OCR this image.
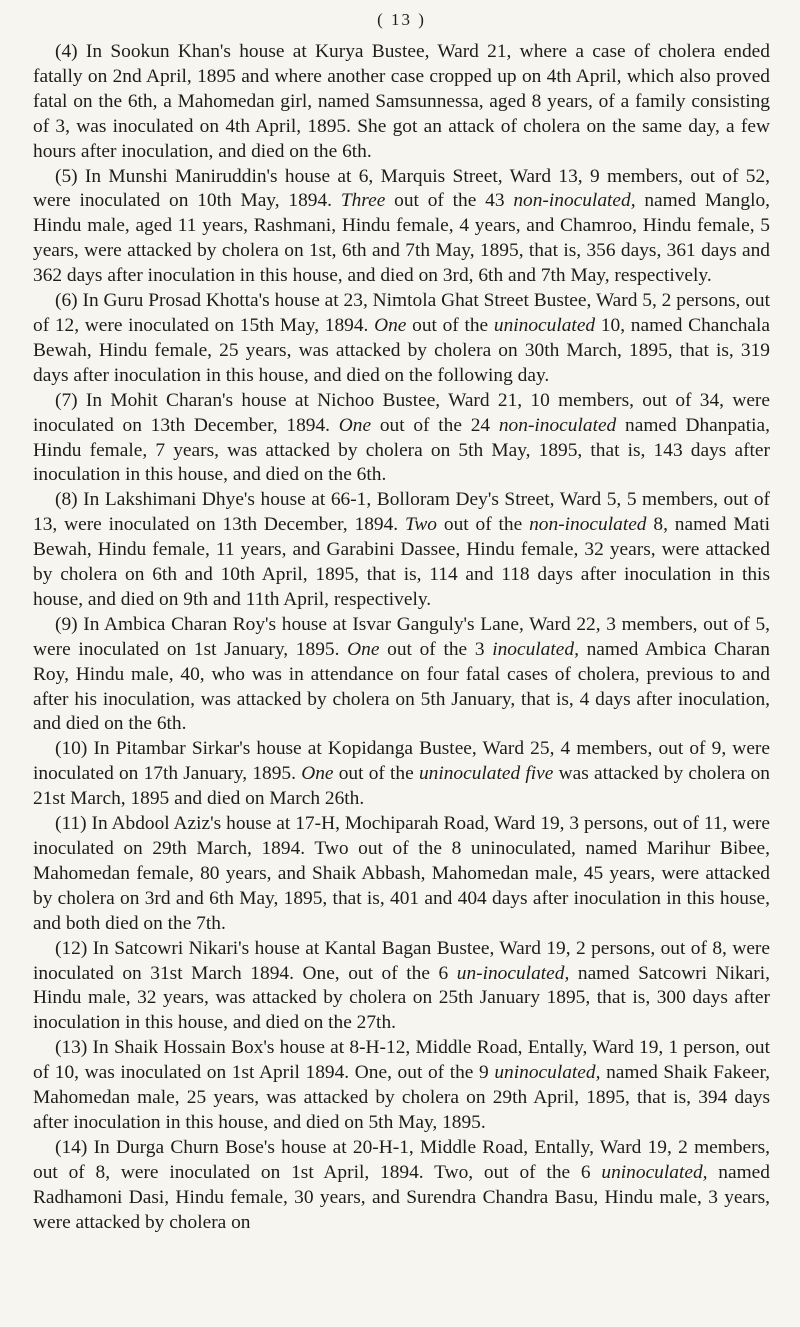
( 13 )

(4) In Sookun Khan's house at Kurya Bustee, Ward 21, where a case of cholera ended fatally on 2nd April, 1895 and where another case cropped up on 4th April, which also proved fatal on the 6th, a Mahomedan girl, named Samsunnessa, aged 8 years, of a family consisting of 3, was inoculated on 4th April, 1895. She got an attack of cholera on the same day, a few hours after inoculation, and died on the 6th.

(5) In Munshi Maniruddin's house at 6, Marquis Street, Ward 13, 9 members, out of 52, were inoculated on 10th May, 1894. Three out of the 43 non-inoculated, named Manglo, Hindu male, aged 11 years, Rashmani, Hindu female, 4 years, and Chamroo, Hindu female, 5 years, were attacked by cholera on 1st, 6th and 7th May, 1895, that is, 356 days, 361 days and 362 days after inoculation in this house, and died on 3rd, 6th and 7th May, respectively.

(6) In Guru Prosad Khotta's house at 23, Nimtola Ghat Street Bustee, Ward 5, 2 persons, out of 12, were inoculated on 15th May, 1894. One out of the uninoculated 10, named Chanchala Bewah, Hindu female, 25 years, was attacked by cholera on 30th March, 1895, that is, 319 days after inoculation in this house, and died on the following day.

(7) In Mohit Charan's house at Nichoo Bustee, Ward 21, 10 members, out of 34, were inoculated on 13th December, 1894. One out of the 24 non-inoculated named Dhanpatia, Hindu female, 7 years, was attacked by cholera on 5th May, 1895, that is, 143 days after inoculation in this house, and died on the 6th.

(8) In Lakshimani Dhye's house at 66-1, Bolloram Dey's Street, Ward 5, 5 members, out of 13, were inoculated on 13th December, 1894. Two out of the non-inoculated 8, named Mati Bewah, Hindu female, 11 years, and Garabini Dassee, Hindu female, 32 years, were attacked by cholera on 6th and 10th April, 1895, that is, 114 and 118 days after inoculation in this house, and died on 9th and 11th April, respectively.

(9) In Ambica Charan Roy's house at Isvar Ganguly's Lane, Ward 22, 3 members, out of 5, were inoculated on 1st January, 1895. One out of the 3 inoculated, named Ambica Charan Roy, Hindu male, 40, who was in attendance on four fatal cases of cholera, previous to and after his inoculation, was attacked by cholera on 5th January, that is, 4 days after inoculation, and died on the 6th.

(10) In Pitambar Sirkar's house at Kopidanga Bustee, Ward 25, 4 members, out of 9, were inoculated on 17th January, 1895. One out of the uninoculated five was attacked by cholera on 21st March, 1895 and died on March 26th.

(11) In Abdool Aziz's house at 17-H, Mochiparah Road, Ward 19, 3 persons, out of 11, were inoculated on 29th March, 1894. Two out of the 8 uninoculated, named Marihur Bibee, Mahomedan female, 80 years, and Shaik Abbash, Mahomedan male, 45 years, were attacked by cholera on 3rd and 6th May, 1895, that is, 401 and 404 days after inoculation in this house, and both died on the 7th.

(12) In Satcowri Nikari's house at Kantal Bagan Bustee, Ward 19, 2 persons, out of 8, were inoculated on 31st March 1894. One, out of the 6 un-inoculated, named Satcowri Nikari, Hindu male, 32 years, was attacked by cholera on 25th January 1895, that is, 300 days after inoculation in this house, and died on the 27th.

(13) In Shaik Hossain Box's house at 8-H-12, Middle Road, Entally, Ward 19, 1 person, out of 10, was inoculated on 1st April 1894. One, out of the 9 uninoculated, named Shaik Fakeer, Mahomedan male, 25 years, was attacked by cholera on 29th April, 1895, that is, 394 days after inoculation in this house, and died on 5th May, 1895.

(14) In Durga Churn Bose's house at 20-H-1, Middle Road, Entally, Ward 19, 2 members, out of 8, were inoculated on 1st April, 1894. Two, out of the 6 uninoculated, named Radhamoni Dasi, Hindu female, 30 years, and Surendra Chandra Basu, Hindu male, 3 years, were attacked by cholera on
